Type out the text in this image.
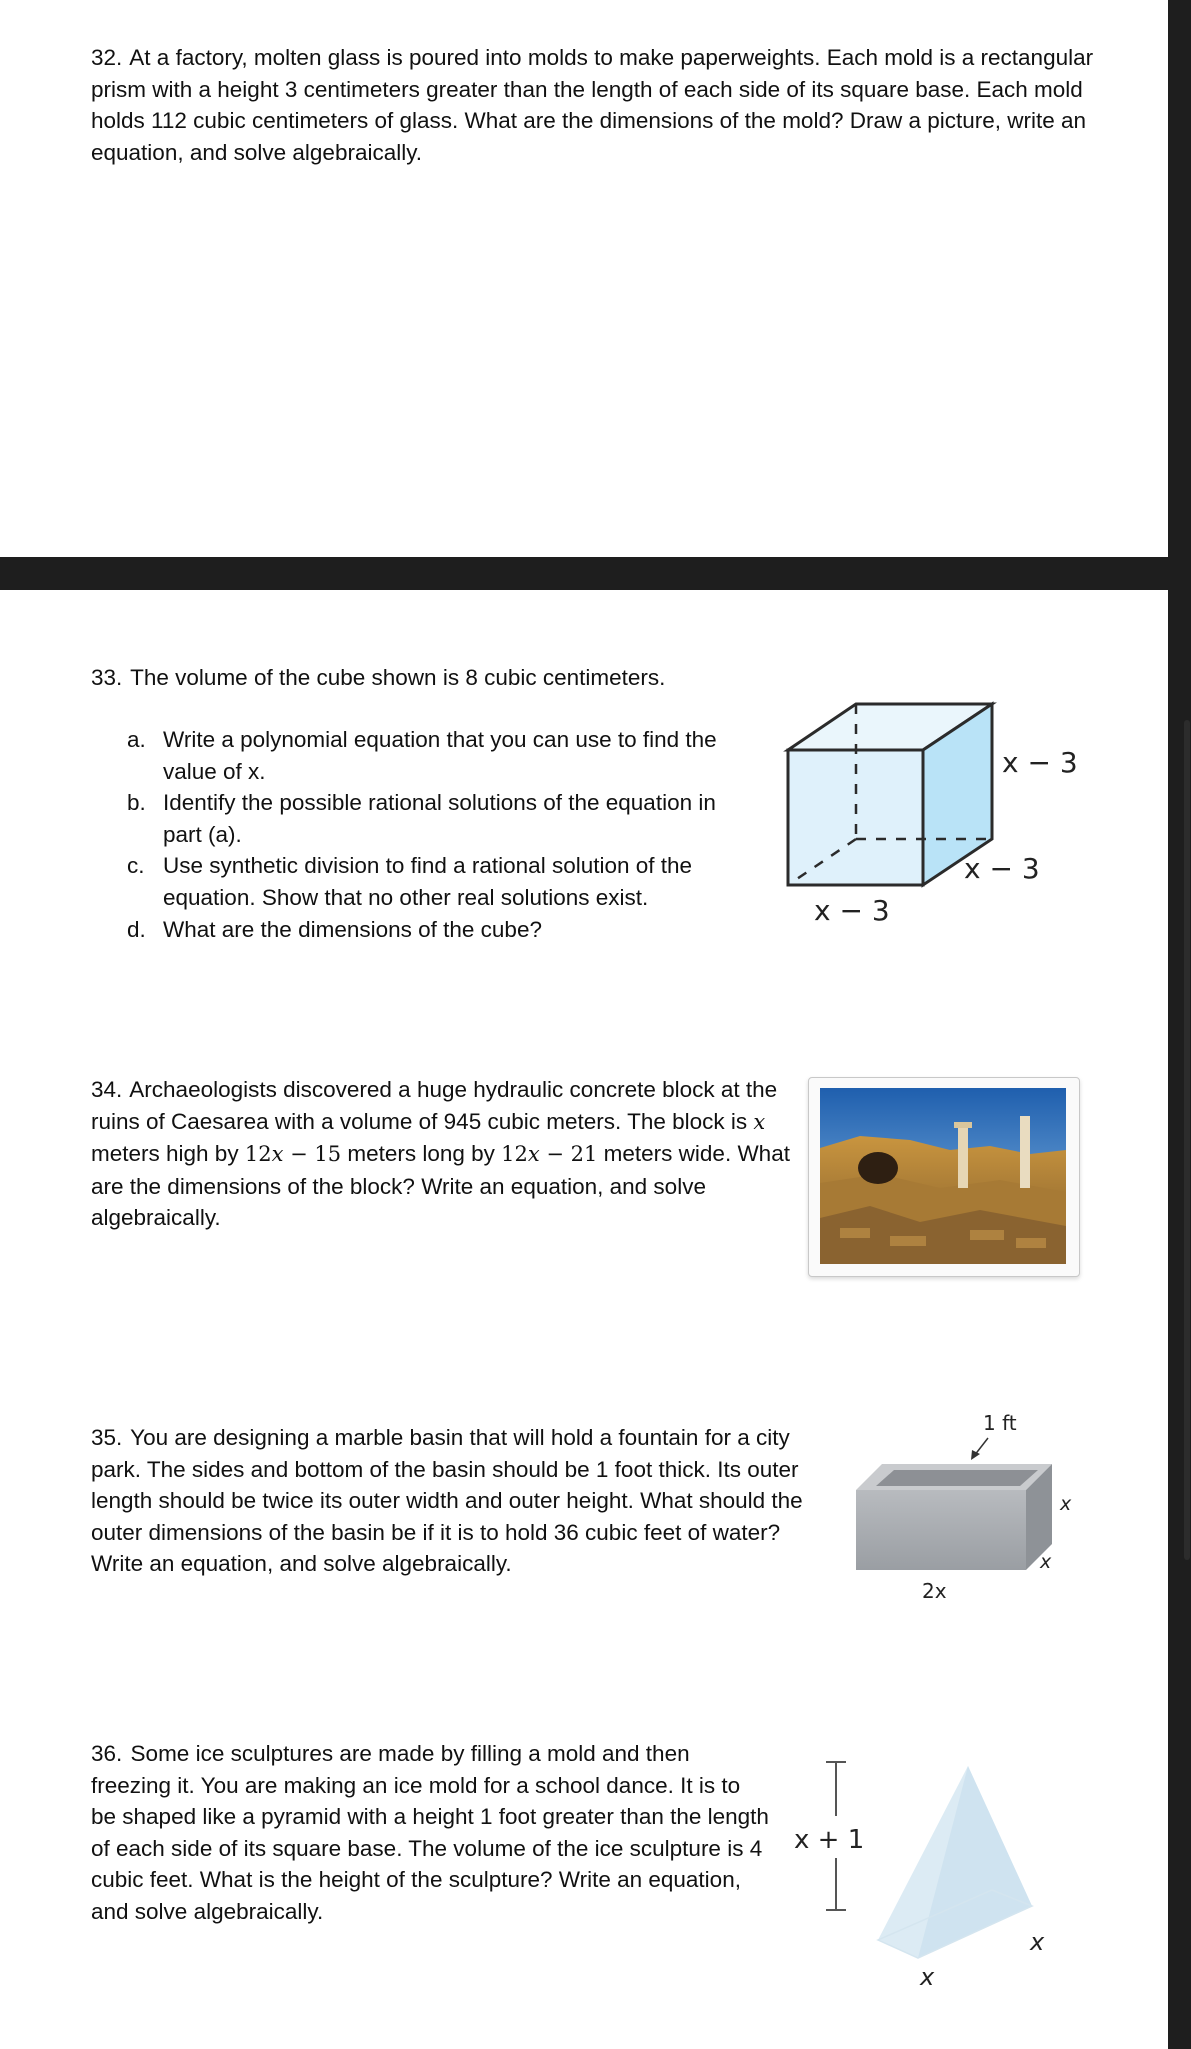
32. At a factory, molten glass is poured into molds to make paperweights. Each mold is a rectangular prism with a height 3 centimeters greater than the length of each side of its square base. Each mold holds 112 cubic centimeters of glass. What are the dimensions of the mold? Draw a picture, write an equation, and solve algebraically.

33. The volume of the cube shown is 8 cubic centimeters.

a. Write a polynomial equation that you can use to find the value of x.
b. Identify the possible rational solutions of the equation in part (a).
c. Use synthetic division to find a rational solution of the equation. Show that no other real solutions exist.
d. What are the dimensions of the cube?
x − 3
x − 3
x − 3

34. Archaeologists discovered a huge hydraulic concrete block at the ruins of Caesarea with a volume of 945 cubic meters. The block is x meters high by 12x − 15 meters long by 12x − 21 meters wide. What are the dimensions of the block? Write an equation, and solve algebraically.

35. You are designing a marble basin that will hold a fountain for a city park. The sides and bottom of the basin should be 1 foot thick. Its outer length should be twice its outer width and outer height. What should the outer dimensions of the basin be if it is to hold 36 cubic feet of water? Write an equation, and solve algebraically.

1 ft
x
x
2x

36. Some ice sculptures are made by filling a mold and then freezing it. You are making an ice mold for a school dance. It is to be shaped like a pyramid with a height 1 foot greater than the length of each side of its square base. The volume of the ice sculpture is 4 cubic feet. What is the height of the sculpture? Write an equation, and solve algebraically.

x + 1
x
x
